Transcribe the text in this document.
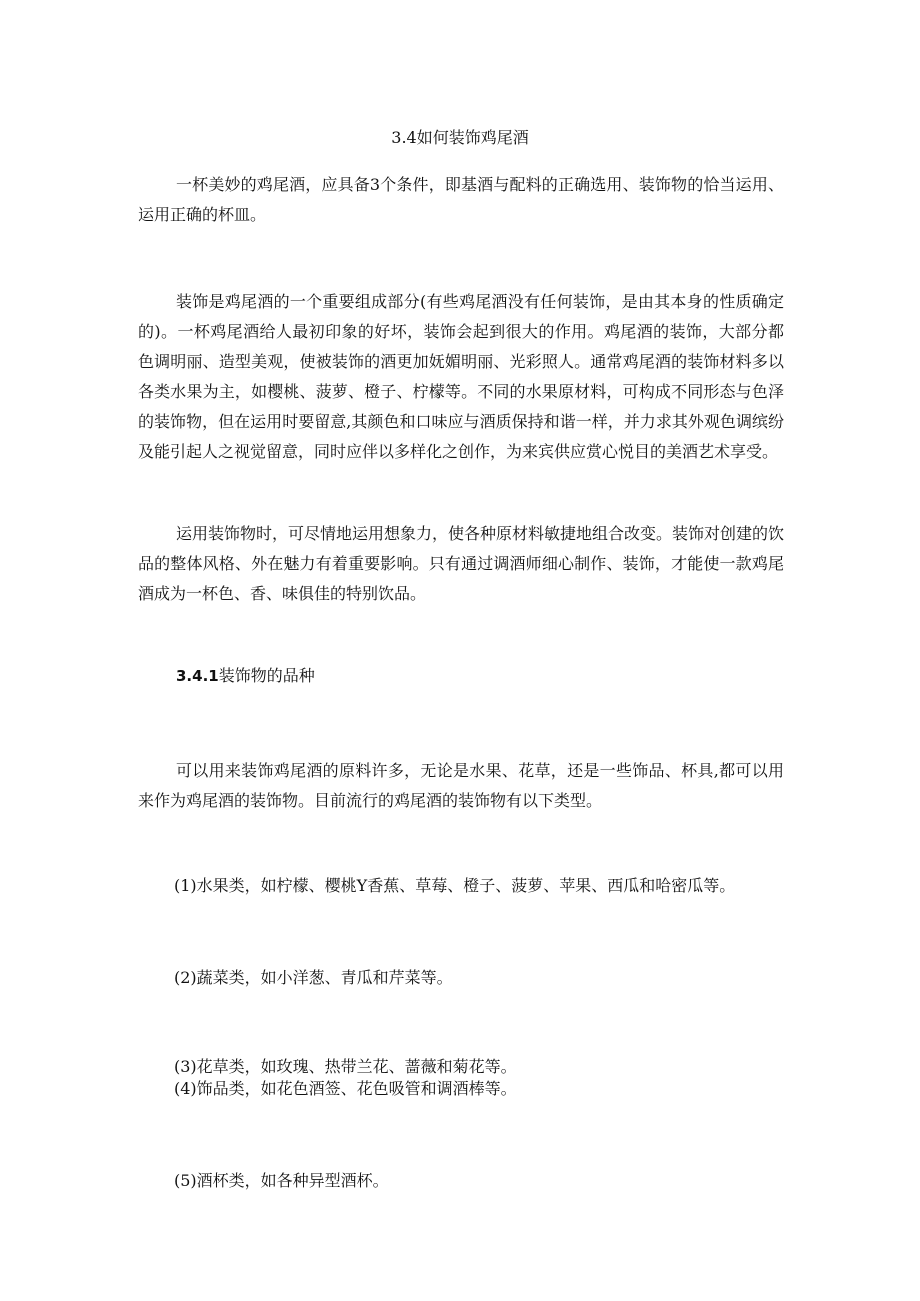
3.4如何装饰鸡尾酒

一杯美妙的鸡尾酒，应具备3个条件，即基酒与配料的正确选用、装饰物的恰当运用、运用正确的杯皿。

装饰是鸡尾酒的一个重要组成部分(有些鸡尾酒没有任何装饰，是由其本身的性质确定的)。一杯鸡尾酒给人最初印象的好坏，装饰会起到很大的作用。鸡尾酒的装饰，大部分都色调明丽、造型美观，使被装饰的酒更加妩媚明丽、光彩照人。通常鸡尾酒的装饰材料多以各类水果为主，如樱桃、菠萝、橙子、柠檬等。不同的水果原材料，可构成不同形态与色泽的装饰物，但在运用时要留意,其颜色和口味应与酒质保持和谐一样，并力求其外观色调缤纷及能引起人之视觉留意，同时应伴以多样化之创作，为来宾供应赏心悦目的美酒艺术享受。

运用装饰物时，可尽情地运用想象力，使各种原材料敏捷地组合改变。装饰对创建的饮品的整体风格、外在魅力有着重要影响。只有通过调酒师细心制作、装饰，才能使一款鸡尾酒成为一杯色、香、味俱佳的特别饮品。

3.4.1装饰物的品种

可以用来装饰鸡尾酒的原料许多，无论是水果、花草，还是一些饰品、杯具,都可以用来作为鸡尾酒的装饰物。目前流行的鸡尾酒的装饰物有以下类型。

(1)水果类，如柠檬、樱桃Y香蕉、草莓、橙子、菠萝、苹果、西瓜和哈密瓜等。
(2)蔬菜类，如小洋葱、青瓜和芹菜等。
(3)花草类，如玫瑰、热带兰花、蔷薇和菊花等。
(4)饰品类，如花色酒签、花色吸管和调酒棒等。
(5)酒杯类，如各种异型酒杯。
